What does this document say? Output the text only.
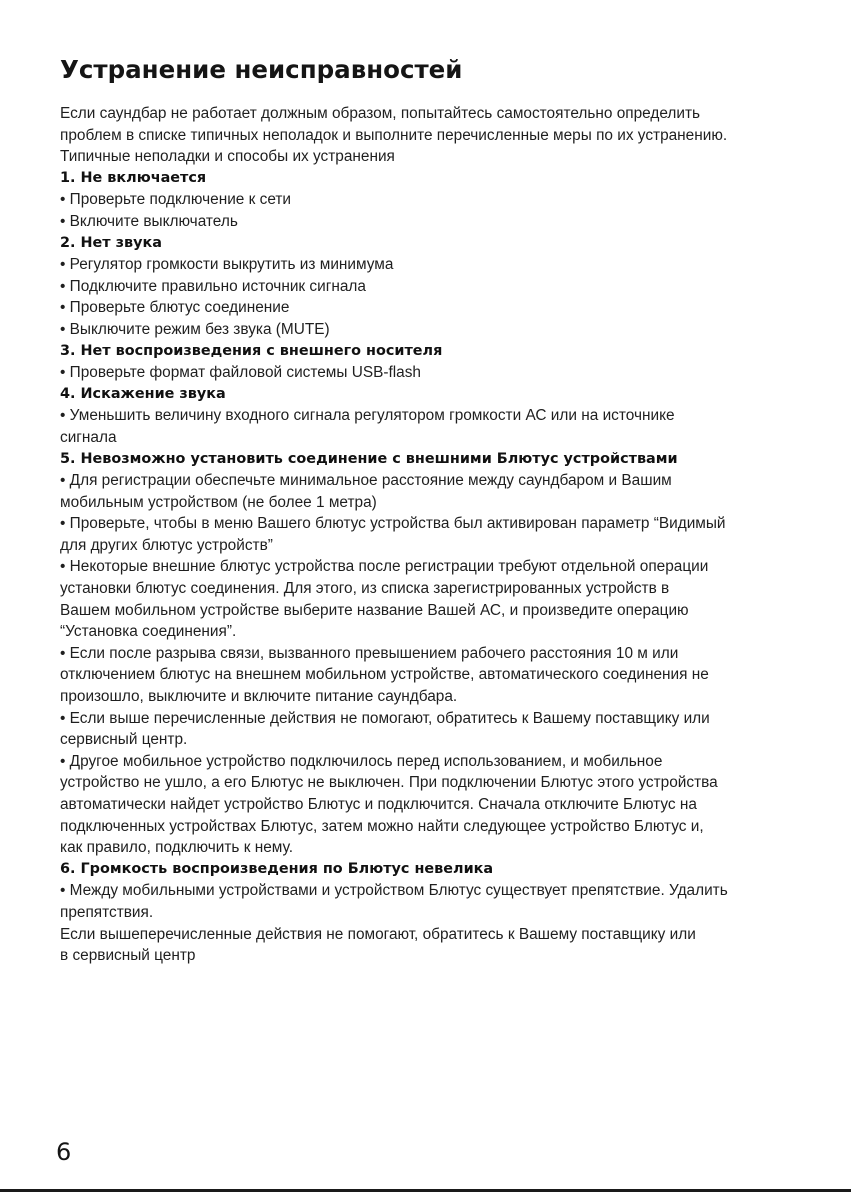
Устранение неисправностей
Если саундбар не работает должным образом, попытайтесь самостоятельно определить
проблем в списке типичных неполадок и выполните перечисленные меры по их устранению.
Типичные неполадки и способы их устранения
1. Не включается
• Проверьте подключение к сети
• Включите выключатель
2. Нет звука
• Регулятор громкости выкрутить из минимума
• Подключите правильно источник сигнала
• Проверьте блютус соединение
• Выключите режим без звука (MUTE)
3. Нет воспроизведения с внешнего носителя
• Проверьте формат файловой системы USB-flash
4. Искажение звука
• Уменьшить величину входного сигнала регулятором громкости АС или на источнике
сигнала
5. Невозможно установить соединение с внешними Блютус устройствами
• Для регистрации обеспечьте минимальное расстояние между саундбаром и Вашим
мобильным устройством (не более 1 метра)
• Проверьте, чтобы в меню Вашего блютус устройства был активирован параметр “Видимый
для других блютус устройств”
• Некоторые внешние блютус устройства после регистрации требуют отдельной операции
установки блютус соединения. Для этого, из списка зарегистрированных устройств в
Вашем мобильном устройстве выберите название Вашей АС, и произведите операцию
“Установка соединения”.
• Если после разрыва связи, вызванного превышением рабочего расстояния 10 м или
отключением блютус на внешнем мобильном устройстве, автоматического соединения не
произошло, выключите и включите питание саундбара.
• Если выше перечисленные действия не помогают, обратитесь к Вашему поставщику или
сервисный центр.
• Другое мобильное устройство подключилось перед использованием, и мобильное
устройство не ушло, а его Блютус не выключен. При подключении Блютус этого устройства
автоматически найдет устройство Блютус и подключится. Сначала отключите Блютус на
подключенных устройствах Блютус, затем можно найти следующее устройство Блютус и,
как правило, подключить к нему.
6. Громкость воспроизведения по Блютус невелика
• Между мобильными устройствами и устройством Блютус существует препятствие. Удалить
препятствия.
Если вышеперечисленные действия не помогают, обратитесь к Вашему поставщику или
в сервисный центр
6
